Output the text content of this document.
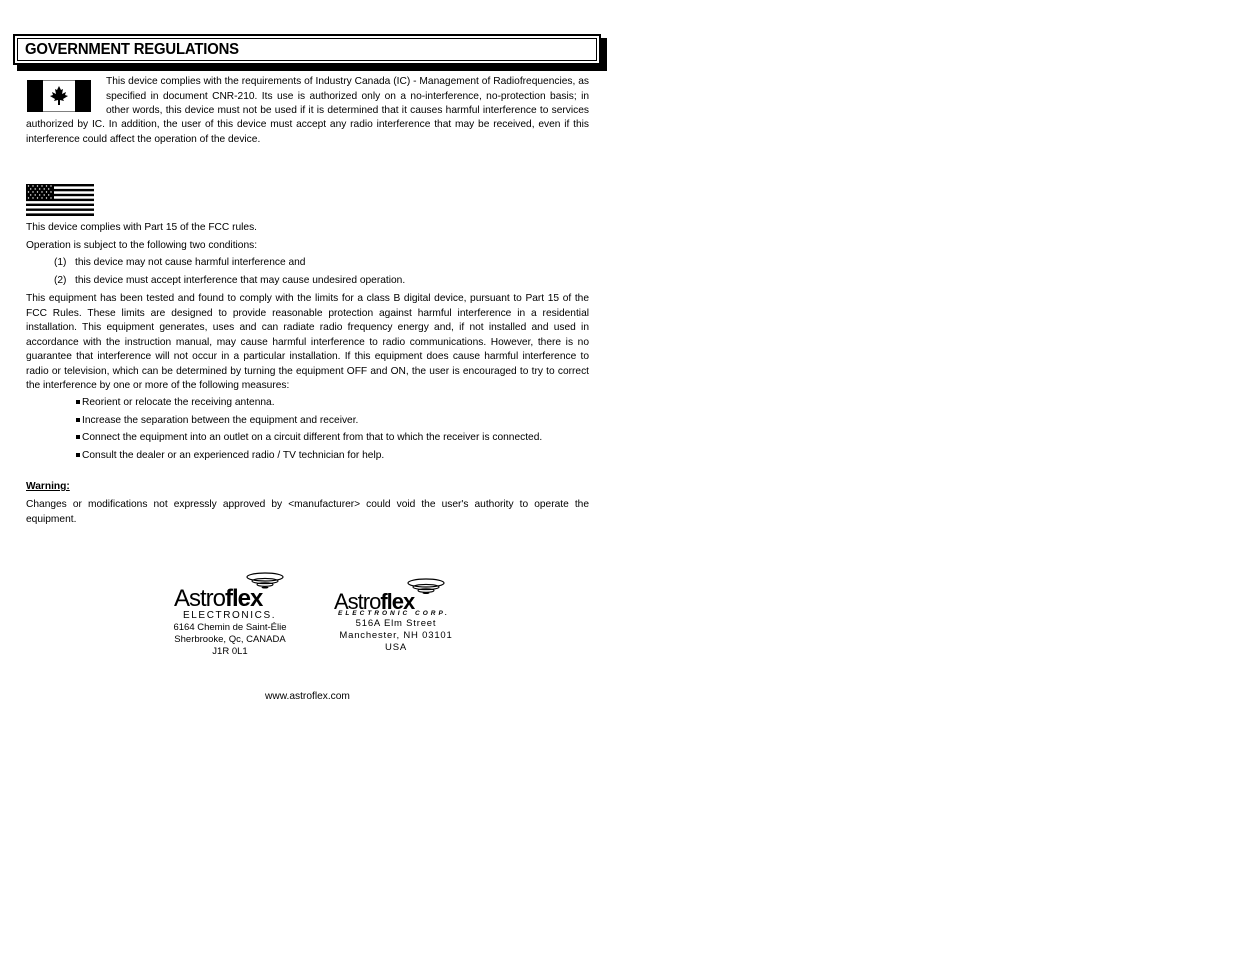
GOVERNMENT REGULATIONS
This device complies with the requirements of Industry Canada (IC) - Management of Radiofrequencies, as
specified in document CNR-210. Its use is authorized only on a no-interference, no-protection basis; in
other words, this device must not be used if it is determined that it causes harmful interference to services
authorized by IC. In addition, the user of this device must accept any radio interference that may be received, even if this
interference could affect the operation of the device.
This device complies with Part 15 of the FCC rules.
Operation is subject to the following two conditions:
(1) this device may not cause harmful interference and
(2) this device must accept interference that may cause undesired operation.
This equipment has been tested and found to comply with the limits for a class B digital device, pursuant to Part 15 of the
FCC Rules. These limits are designed to provide reasonable protection against harmful interference in a residential
installation. This equipment generates, uses and can radiate radio frequency energy and, if not installed and used in
accordance with the instruction manual, may cause harmful interference to radio communications. However, there is no
guarantee that interference will not occur in a particular installation. If this equipment does cause harmful interference to
radio or television, which can be determined by turning the equipment OFF and ON, the user is encouraged to try to correct
the interference by one or more of the following measures:
Reorient or relocate the receiving antenna.
Increase the separation between the equipment and receiver.
Connect the equipment into an outlet on a circuit different from that to which the receiver is connected.
Consult the dealer or an experienced radio / TV technician for help.
Warning:
Changes or modifications not expressly approved by <manufacturer> could void the user's authority to operate the
equipment.
Astroflex
ELECTRONICS.
6164 Chemin de Saint-Élie
Sherbrooke, Qc, CANADA
J1R 0L1
Astroflex
ELECTRONIC CORP.
516A Elm Street
Manchester, NH 03101
USA
www.astroflex.com
